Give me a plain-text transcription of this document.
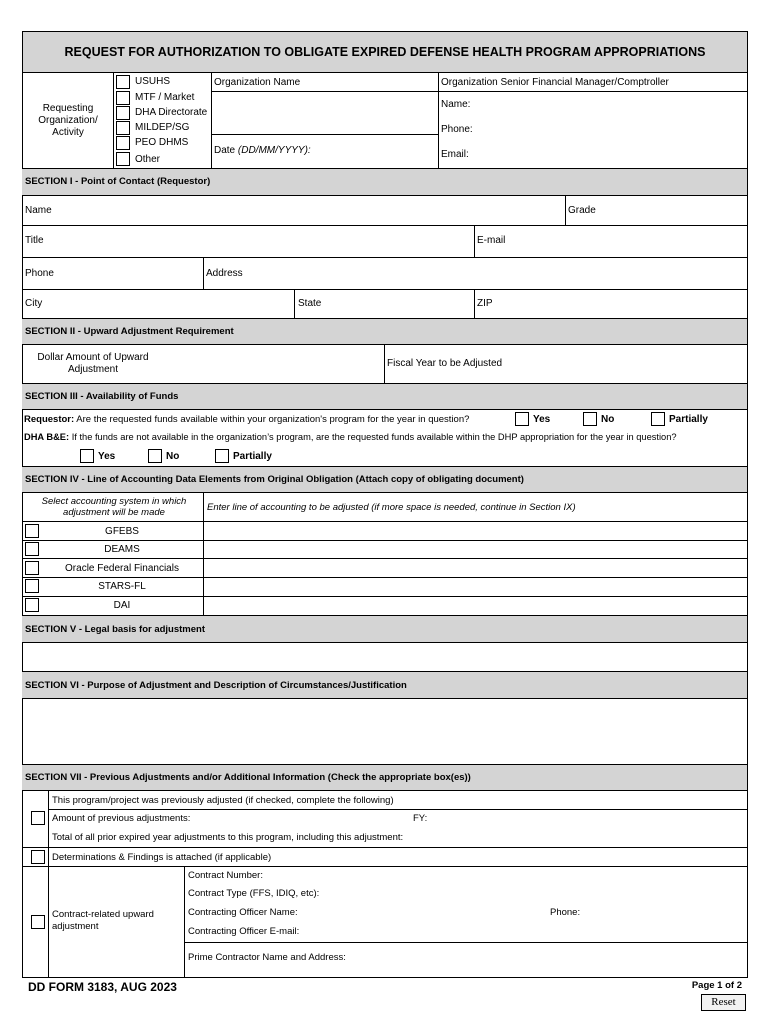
REQUEST FOR AUTHORIZATION TO OBLIGATE EXPIRED DEFENSE HEALTH PROGRAM APPROPRIATIONS
Requesting Organization/ Activity
USUHS
MTF / Market
DHA Directorate
MILDEP/SG
PEO DHMS
Other
Organization Name
Date (DD/MM/YYYY):
Organization Senior Financial Manager/Comptroller
Name:
Phone:
Email:
SECTION I - Point of Contact (Requestor)
Name	Grade
Title	E-mail
Phone	Address
City	State	ZIP
SECTION II - Upward Adjustment Requirement
Dollar Amount of Upward Adjustment
Fiscal Year to be Adjusted
SECTION III - Availability of Funds
Requestor: Are the requested funds available within your organization's program for the year in question?	Yes	No	Partially
DHA B&E: If the funds are not available in the organization’s program, are the requested funds available within the DHP appropriation for the year in question?
Yes	No	Partially
SECTION IV - Line of Accounting Data Elements from Original Obligation (Attach copy of obligating document)
Select accounting system in which adjustment will be made	Enter line of accounting to be adjusted (if more space is needed, continue in Section IX)
GFEBS
DEAMS
Oracle Federal Financials
STARS-FL
DAI
SECTION V - Legal basis for adjustment
SECTION VI - Purpose of Adjustment and Description of Circumstances/Justification
SECTION VII - Previous Adjustments and/or Additional Information (Check the appropriate box(es))
This program/project was previously adjusted (if checked, complete the following)
Amount of previous adjustments:	FY:
Total of all prior expired year adjustments to this program, including this adjustment:
Determinations & Findings is attached (if applicable)
Contract-related upward adjustment
Contract Number:
Contract Type (FFS, IDIQ, etc):
Contracting Officer Name:	Phone:
Contracting Officer E-mail:
Prime Contractor Name and Address:
DD FORM 3183, AUG 2023	Page 1 of 2
Reset
